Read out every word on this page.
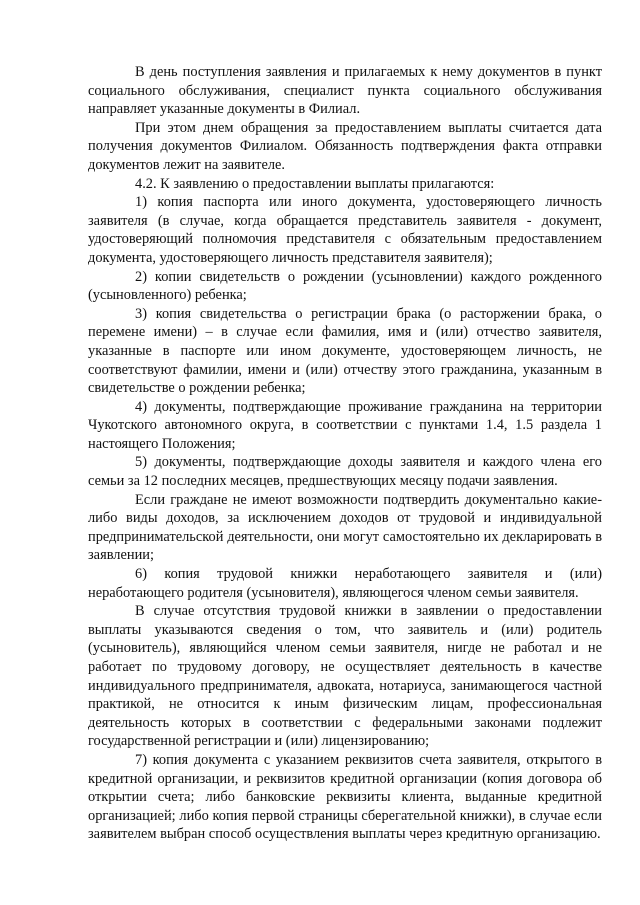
В день поступления заявления и прилагаемых к нему документов в пункт социального обслуживания, специалист пункта социального обслуживания направляет указанные документы в Филиал.

При этом днем обращения за предоставлением выплаты считается дата получения документов Филиалом. Обязанность подтверждения факта отправки документов лежит на заявителе.

4.2. К заявлению о предоставлении выплаты прилагаются:

1) копия паспорта или иного документа, удостоверяющего личность заявителя (в случае, когда обращается представитель заявителя - документ, удостоверяющий полномочия представителя с обязательным предоставлением документа, удостоверяющего личность представителя заявителя);

2) копии свидетельств о рождении (усыновлении) каждого рожденного (усыновленного) ребенка;

3) копия свидетельства о регистрации брака (о расторжении брака, о перемене имени) – в случае если фамилия, имя и (или) отчество заявителя, указанные в паспорте или ином документе, удостоверяющем личность, не соответствуют фамилии, имени и (или) отчеству этого гражданина, указанным в свидетельстве о рождении ребенка;

4) документы, подтверждающие проживание гражданина на территории Чукотского автономного округа, в соответствии с пунктами 1.4, 1.5 раздела 1 настоящего Положения;

5) документы, подтверждающие доходы заявителя и каждого члена его семьи за 12 последних месяцев, предшествующих месяцу подачи заявления.

Если граждане не имеют возможности подтвердить документально какие-либо виды доходов, за исключением доходов от трудовой и индивидуальной предпринимательской деятельности, они могут самостоятельно их декларировать в заявлении;

6) копия трудовой книжки неработающего заявителя и (или) неработающего родителя (усыновителя), являющегося членом семьи заявителя.

В случае отсутствия трудовой книжки в заявлении о предоставлении выплаты указываются сведения о том, что заявитель и (или) родитель (усыновитель), являющийся членом семьи заявителя, нигде не работал и не работает по трудовому договору, не осуществляет деятельность в качестве индивидуального предпринимателя, адвоката, нотариуса, занимающегося частной практикой, не относится к иным физическим лицам, профессиональная деятельность которых в соответствии с федеральными законами подлежит государственной регистрации и (или) лицензированию;

7) копия документа с указанием реквизитов счета заявителя, открытого в кредитной организации, и реквизитов кредитной организации (копия договора об открытии счета; либо банковские реквизиты клиента, выданные кредитной организацией; либо копия первой страницы сберегательной книжки), в случае если заявителем выбран способ осуществления выплаты через кредитную организацию.
